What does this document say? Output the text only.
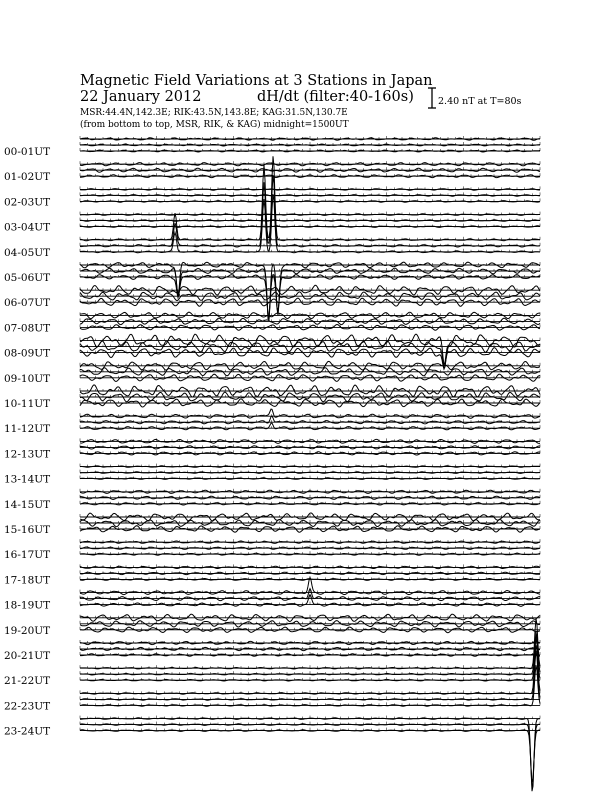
Magnetic Field Variations at 3 Stations in Japan
22 January 2012	dH/dt (filter:40-160s)
MSR:44.4N,142.3E; RIK:43.5N,143.8E; KAG:31.5N,130.7E
(from bottom to top, MSR, RIK, & KAG) midnight=1500UT
2.40 nT at T=80s
00-01UT
01-02UT
02-03UT
03-04UT
04-05UT
05-06UT
06-07UT
07-08UT
08-09UT
09-10UT
10-11UT
11-12UT
12-13UT
13-14UT
14-15UT
15-16UT
16-17UT
17-18UT
18-19UT
19-20UT
20-21UT
21-22UT
22-23UT
23-24UT
